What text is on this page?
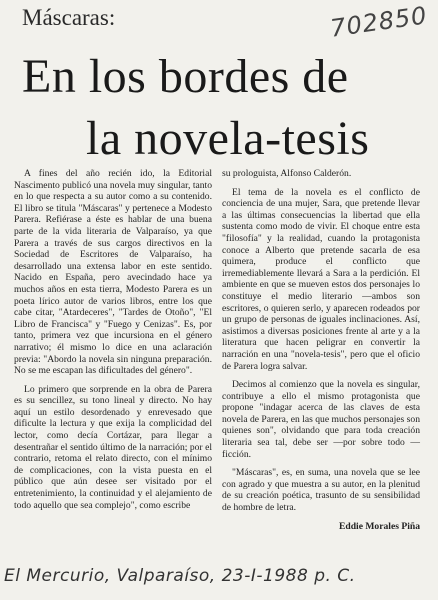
Máscaras:	702850
En los bordes de
la novela-tesis

A fines del año recién ido, la Editorial Nascimento publicó una novela muy singular, tanto en lo que respecta a su autor como a su contenido. El libro se titula "Máscaras" y pertenece a Modesto Parera. Refiérase a éste es hablar de una buena parte de la vida literaria de Valparaíso, ya que Parera a través de sus cargos directivos en la Sociedad de Escritores de Valparaíso, ha desarrollado una extensa labor en este sentido. Nacido en España, pero avecindado hace ya muchos años en esta tierra, Modesto Parera es un poeta lírico autor de varios libros, entre los que cabe citar, "Atardeceres", "Tardes de Otoño", "El Libro de Francisca" y "Fuego y Cenizas". Es, por tanto, primera vez que incursiona en el género narrativo; él mismo lo dice en una aclaración previa: "Abordo la novela sin ninguna preparación. No se me escapan las dificultades del género".

Lo primero que sorprende en la obra de Parera es su sencillez, su tono lineal y directo. No hay aquí un estilo desordenado y enrevesado que dificulte la lectura y que exija la complicidad del lector, como decía Cortázar, para llegar a desentrañar el sentido último de la narración; por el contrario, retoma el relato directo, con el mínimo de complicaciones, con la vista puesta en el público que aún desee ser visitado por el entretenimiento, la continuidad y el alejamiento de todo aquello que sea complejo", como escribe

su prologuista, Alfonso Calderón.

El tema de la novela es el conflicto de conciencia de una mujer, Sara, que pretende llevar a las últimas consecuencias la libertad que ella sustenta como modo de vivir. El choque entre esta "filosofía" y la realidad, cuando la protagonista conoce a Alberto que pretende sacarla de esa quimera, produce el conflicto que irremediablemente llevará a Sara a la perdición. El ambiente en que se mueven estos dos personajes lo constituye el medio literario —ambos son escritores, o quieren serlo, y aparecen rodeados por un grupo de personas de iguales inclinaciones. Así, asistimos a diversas posiciones frente al arte y a la literatura que hacen peligrar en convertir la narración en una "novela-tesis", pero que el oficio de Parera logra salvar.

Decimos al comienzo que la novela es singular, contribuye a ello el mismo protagonista que propone "indagar acerca de las claves de esta novela de Parera, en las que muchos personajes son quienes son", olvidando que para toda creación literaria sea tal, debe ser —por sobre todo —ficción.

"Máscaras", es, en suma, una novela que se lee con agrado y que muestra a su autor, en la plenitud de su creación poética, trasunto de su sensibilidad de hombre de letra.

Eddie Morales Piña

El Mercurio, Valparaíso, 23-I-1988 p. C.
